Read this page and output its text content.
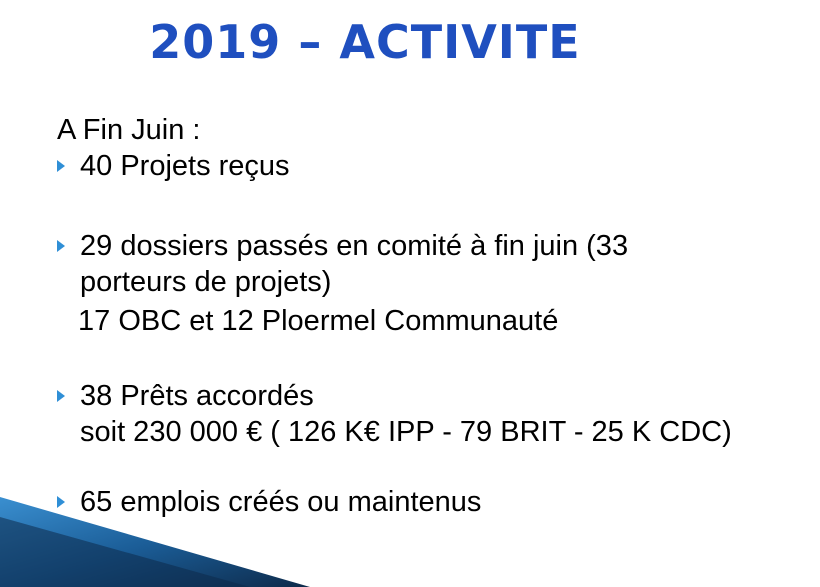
2019 – ACTIVITE

A Fin Juin :

40 Projets reçus
29 dossiers passés en comité à fin juin (33
porteurs de projets)
17 OBC et 12 Ploermel Communauté
38 Prêts accordés
soit 230 000 € ( 126 K€ IPP - 79 BRIT - 25 K CDC)
65 emplois créés ou maintenus
